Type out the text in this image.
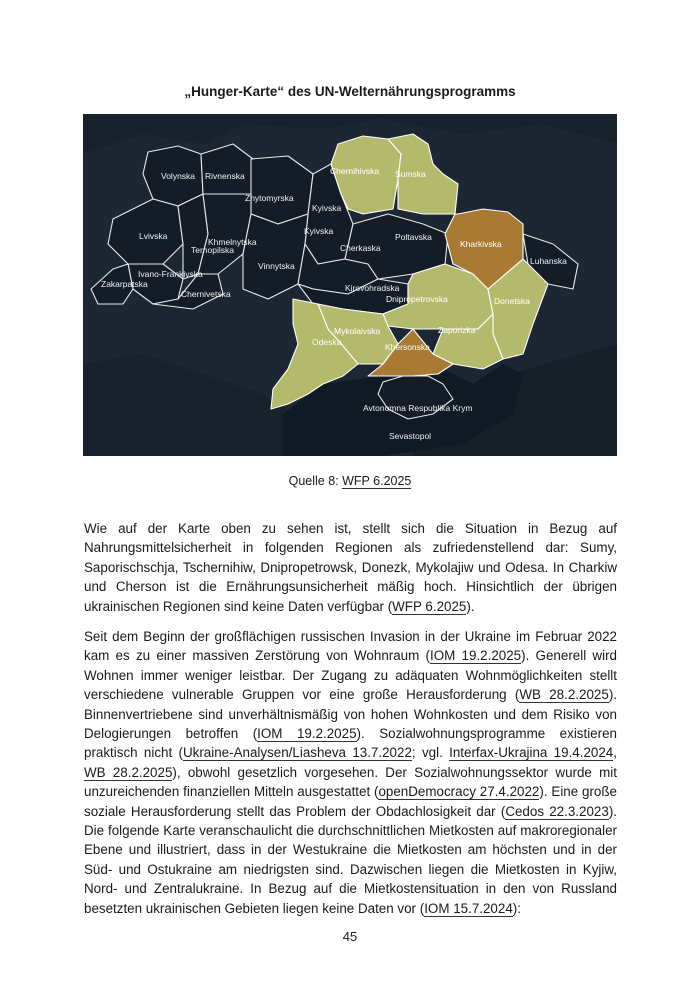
„Hunger-Karte“ des UN-Welternährungsprogramms
Volynska Rivnenska
Zhytomyrska
Chernihivska Sumska
Kyivska
Kyivska
Lvivska
Khmelnytska
Ternopilska
Poltavska
Cherkaska	Kharkivska
Luhanska
Vinnytska
Ivano-Frankivska
Zakarpatska
Chernivetska
Kirovohradska
Dnipropetrovska	Donetska
Mykolaivska	Zaporizka
Odeska	Khersonska
Avtonomna Respublika Krym
Sevastopol
Quelle 8: WFP 6.2025
Wie auf der Karte oben zu sehen ist, stellt sich die Situation in Bezug auf Nahrungsmittelsicherheit in folgenden Regionen als zufriedenstellend dar: Sumy, Saporischschja, Tschernihiw, Dnipropetrowsk, Donezk, Mykolajiw und Odesa. In Charkiw und Cherson ist die Ernährungsunsicherheit mäßig hoch. Hinsichtlich der übrigen ukrainischen Regionen sind keine Daten verfügbar (WFP 6.2025).
Seit dem Beginn der großflächigen russischen Invasion in der Ukraine im Februar 2022 kam es zu einer massiven Zerstörung von Wohnraum (IOM 19.2.2025). Generell wird Wohnen immer weniger leistbar. Der Zugang zu adäquaten Wohnmöglichkeiten stellt verschiedene vulnerable Gruppen vor eine große Herausforderung (WB 28.2.2025). Binnenvertriebene sind unverhältnismäßig von hohen Wohnkosten und dem Risiko von Delogierungen betroffen (IOM 19.2.2025). Sozialwohnungsprogramme existieren praktisch nicht (Ukraine-Analysen/Liasheva 13.7.2022; vgl. Interfax-Ukrajina 19.4.2024, WB 28.2.2025), obwohl gesetzlich vorgesehen. Der Sozialwohnungssektor wurde mit unzureichenden finanziellen Mitteln ausgestattet (openDemocracy 27.4.2022). Eine große soziale Herausforderung stellt das Problem der Obdachlosigkeit dar (Cedos 22.3.2023). Die folgende Karte veranschaulicht die durchschnittlichen Mietkosten auf makroregionaler Ebene und illustriert, dass in der Westukraine die Mietkosten am höchsten und in der Süd- und Ostukraine am niedrigsten sind. Dazwischen liegen die Mietkosten in Kyjiw, Nord- und Zentralukraine. In Bezug auf die Mietkostensituation in den von Russland besetzten ukrainischen Gebieten liegen keine Daten vor (IOM 15.7.2024):
45
